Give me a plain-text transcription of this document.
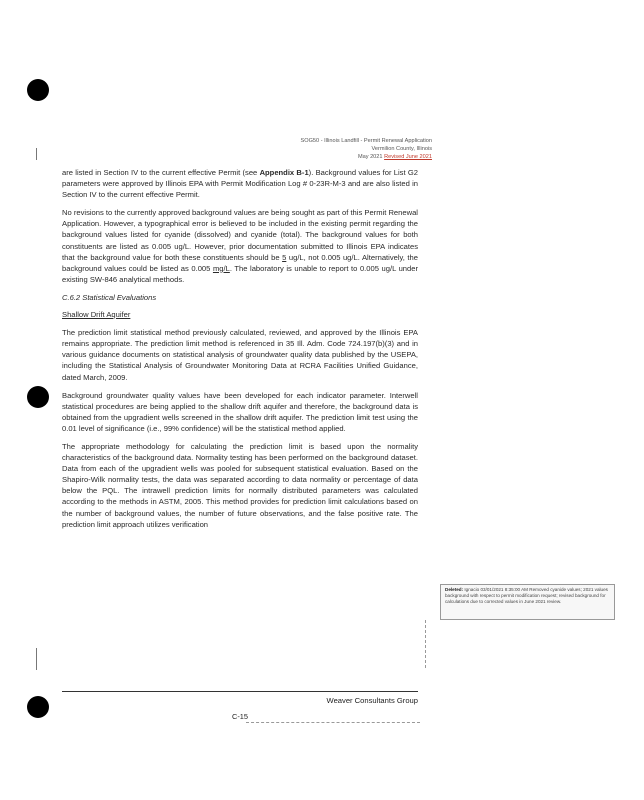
SOG50 - Illinois Landfill - Permit Renewal Application
Vermilion County, Illinois
May 2021 Revised June 2021

are listed in Section IV to the current effective Permit (see Appendix B-1). Background values for List G2 parameters were approved by Illinois EPA with Permit Modification Log # 0-23R-M-3 and are also listed in Section IV to the current effective Permit.

No revisions to the currently approved background values are being sought as part of this Permit Renewal Application. However, a typographical error is believed to be included in the existing permit regarding the background values listed for cyanide (dissolved) and cyanide (total). The background values for both constituents are listed as 0.005 ug/L. However, prior documentation submitted to Illinois EPA indicates that the background value for both these constituents should be 5 ug/L, not 0.005 ug/L. Alternatively, the background values could be listed as 0.005 mg/L. The laboratory is unable to report to 0.005 ug/L under existing SW-846 analytical methods.

C.6.2 Statistical Evaluations
Shallow Drift Aquifer

The prediction limit statistical method previously calculated, reviewed, and approved by the Illinois EPA remains appropriate. The prediction limit method is referenced in 35 Ill. Adm. Code 724.197(b)(3) and in various guidance documents on statistical analysis of groundwater quality data published by the USEPA, including the Statistical Analysis of Groundwater Monitoring Data at RCRA Facilities Unified Guidance, dated March, 2009.

Background groundwater quality values have been developed for each indicator parameter. Interwell statistical procedures are being applied to the shallow drift aquifer and therefore, the background data is obtained from the upgradient wells screened in the shallow drift aquifer. The prediction limit test using the 0.01 level of significance (i.e., 99% confidence) will be the statistical method applied.

The appropriate methodology for calculating the prediction limit is based upon the normality characteristics of the background data. Normality testing has been performed on the background dataset. Data from each of the upgradient wells was pooled for subsequent statistical evaluation. Based on the Shapiro-Wilk normality tests, the data was separated according to data normality or percentage of data below the PQL. The intrawell prediction limits for normally distributed parameters was calculated according to the methods in ASTM, 2005. This method provides for prediction limit calculations based on the number of background values, the number of future observations, and the false positive rate. The prediction limit approach utilizes verification

Deleted: Ignacio 03/01/2021 8:35:00 AM Removed cyanide values; 2021 values background with respect to permit modification request; revised background for calculations due to corrected values in June 2021 review.
Weaver Consultants Group
C-15
